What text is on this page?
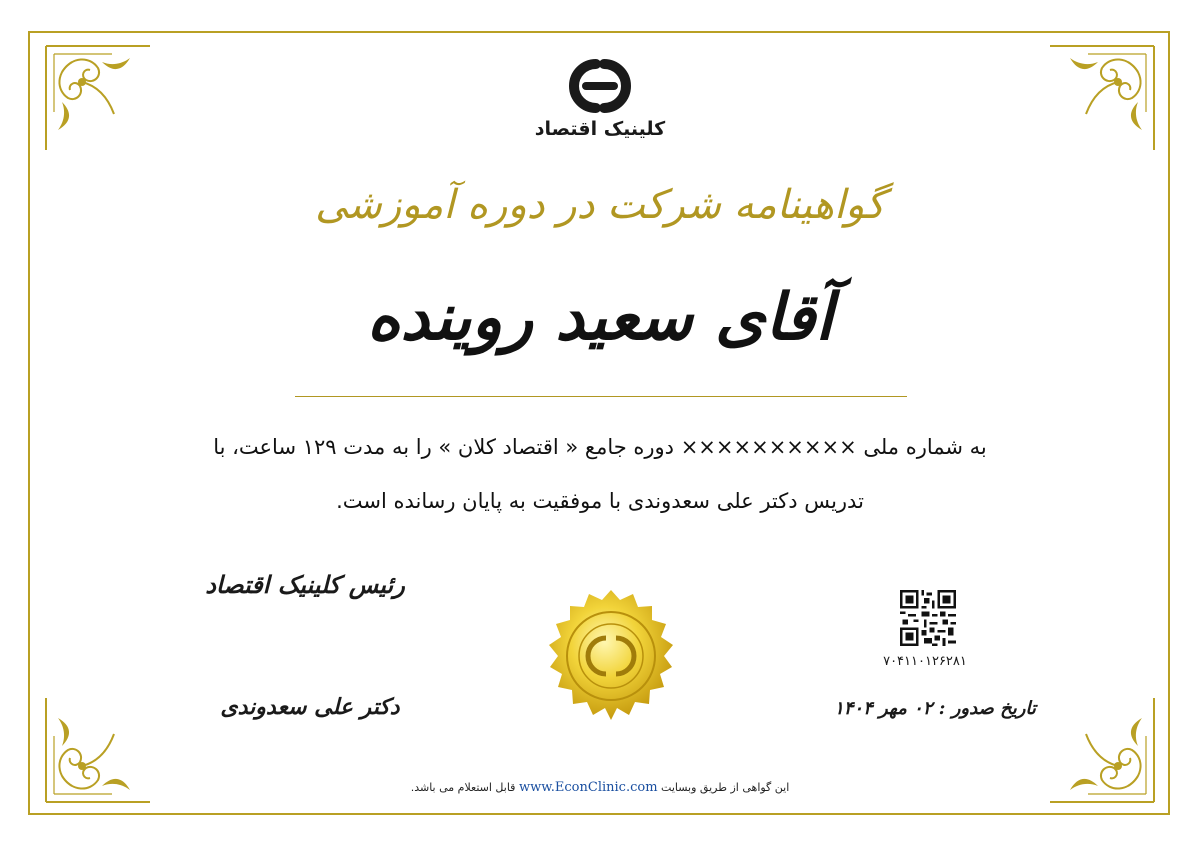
کلینیک اقتصاد
گواهینامه شرکت در دوره آموزشی
آقای سعید روینده
به شماره ملی ×××××××××× دوره جامع « اقتصاد کلان » را به مدت ۱۲۹ ساعت، با
تدریس دکتر علی سعدوندی با موفقیت به پایان رسانده است.
رئیس کلینیک اقتصاد
دکتر علی سعدوندی
۷۰۴۱۱۰۱۲۶۲۸۱
تاریخ صدور : ۰۲ مهر ۱۴۰۴
این گواهی از طریق وبسایت www.EconClinic.com قابل استعلام می باشد.
